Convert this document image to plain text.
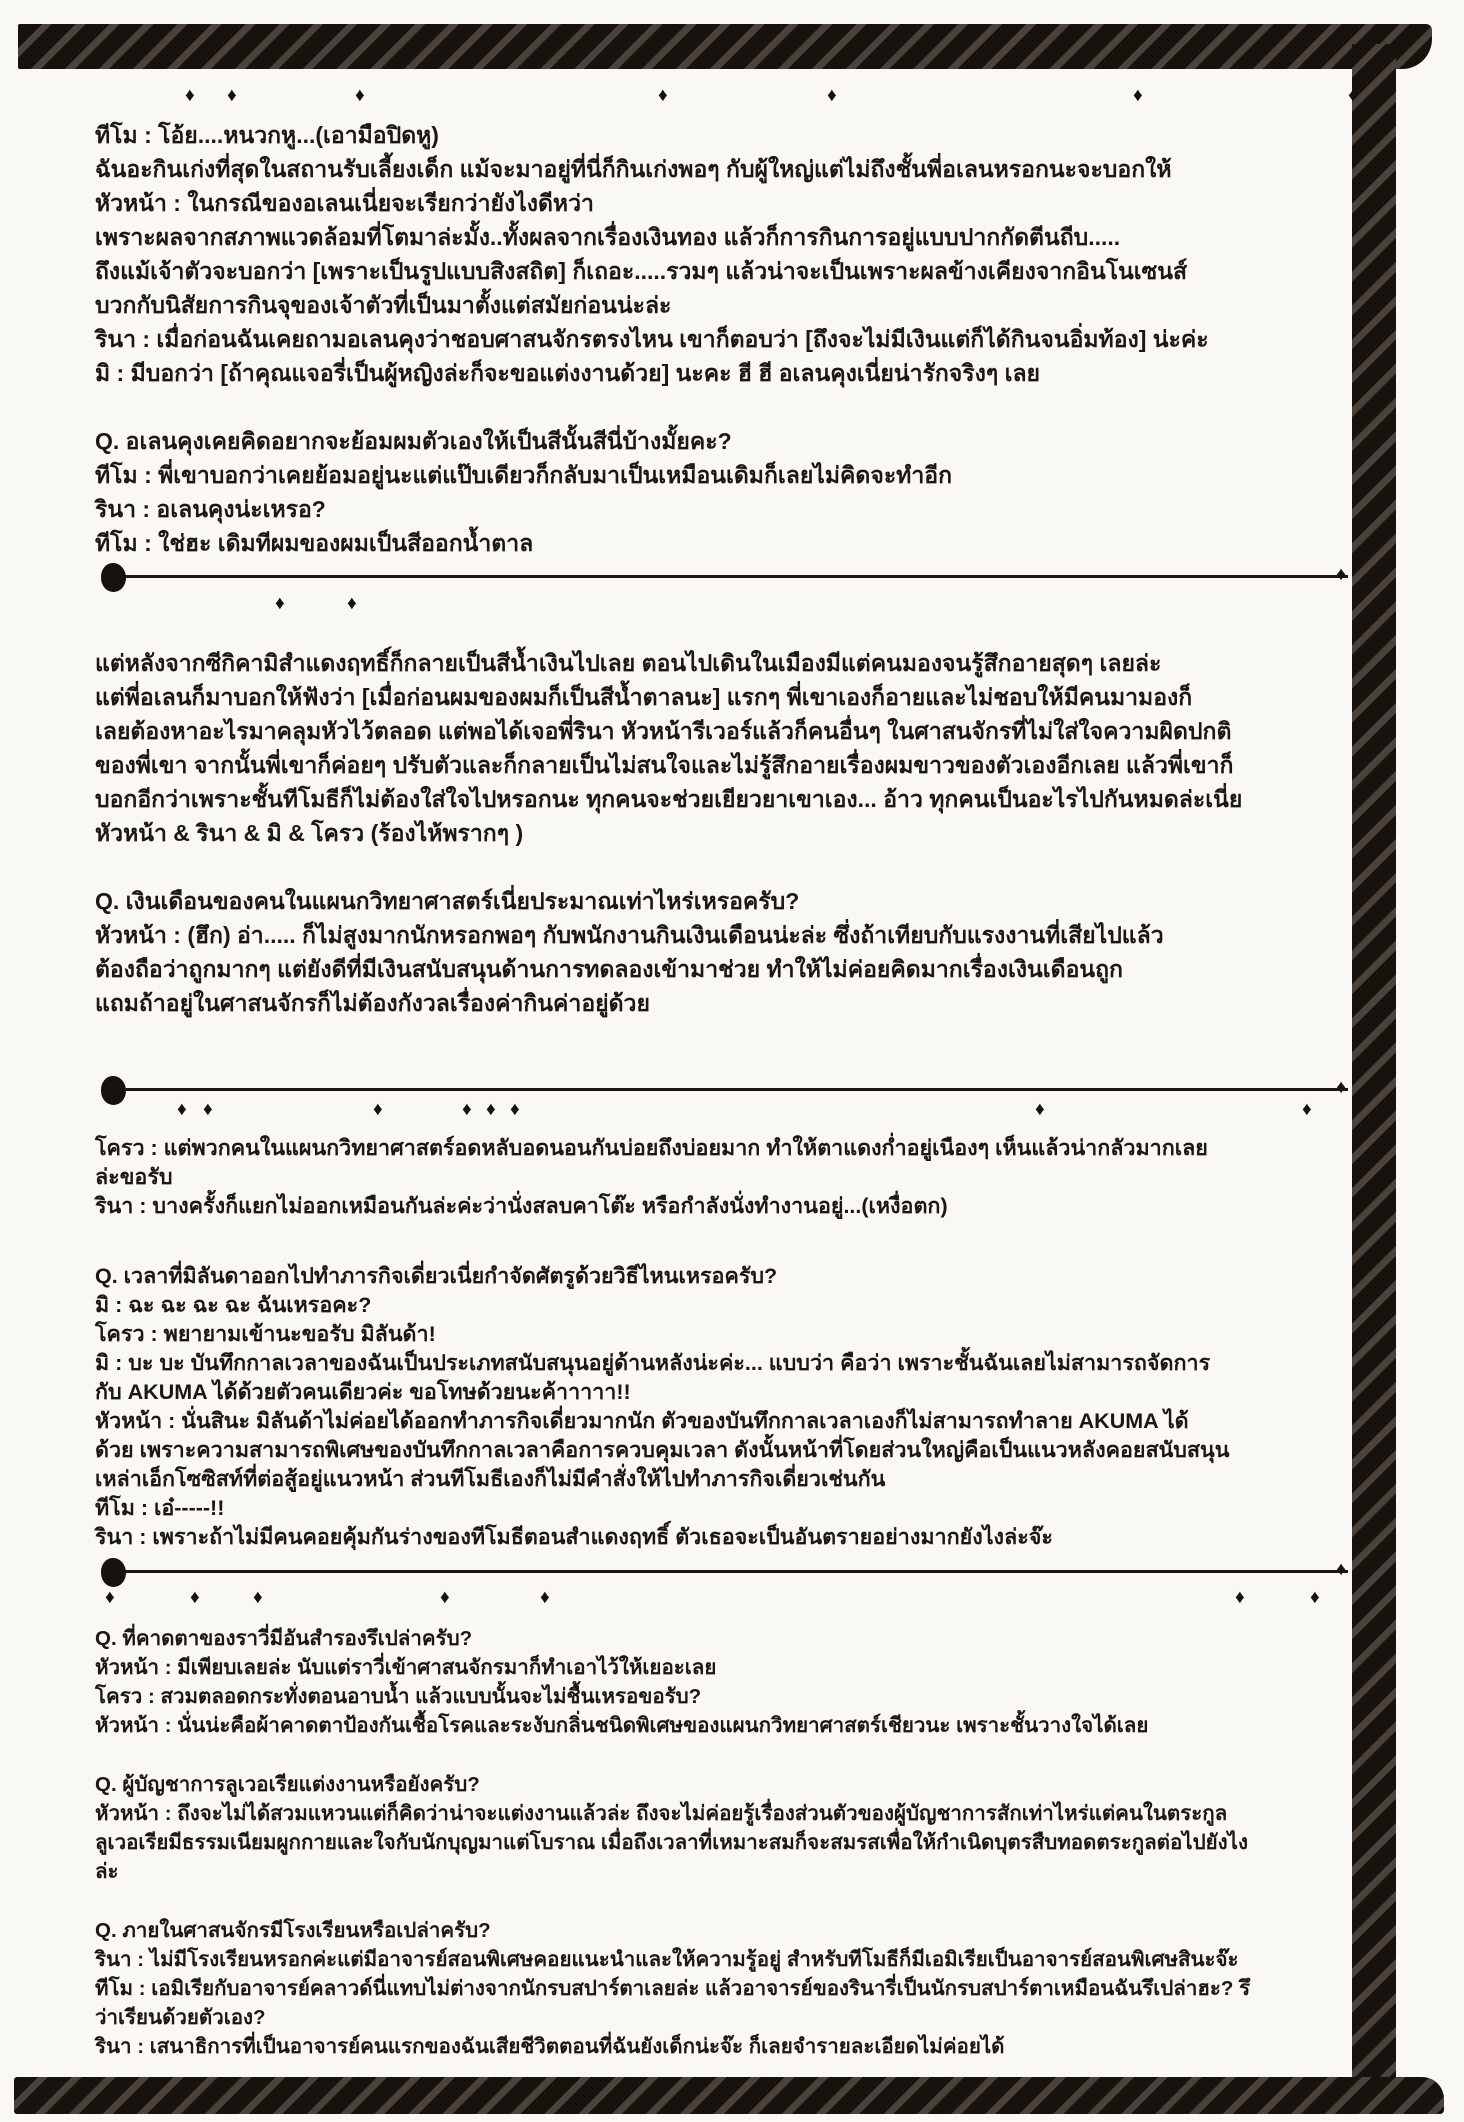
♦ ♦	♦	♦	♦	♦	♦
♦	♦
♦ ♦	♦	♦ ♦ ♦	♦	♦
♦	♦	♦	♦	♦	♦	♦
ทีโม : โอ้ย....หนวกหู...(เอามือปิดหู)
ฉันอะกินเก่งที่สุดในสถานรับเลี้ยงเด็ก แม้จะมาอยู่ที่นี่ก็กินเก่งพอๆ กับผู้ใหญ่แต่ไม่ถึงชั้นพี่อเลนหรอกนะจะบอกให้
หัวหน้า : ในกรณีของอเลนเนี่ยจะเรียกว่ายังไงดีหว่า
เพราะผลจากสภาพแวดล้อมที่โตมาล่ะมั้ง..ทั้งผลจากเรื่องเงินทอง แล้วก็การกินการอยู่แบบปากกัดตีนถีบ.....
ถึงแม้เจ้าตัวจะบอกว่า [เพราะเป็นรูปแบบสิงสถิต] ก็เถอะ.....รวมๆ แล้วน่าจะเป็นเพราะผลข้างเคียงจากอินโนเซนส์
บวกกับนิสัยการกินจุของเจ้าตัวที่เป็นมาตั้งแต่สมัยก่อนน่ะล่ะ
รินา : เมื่อก่อนฉันเคยถามอเลนคุงว่าชอบศาสนจักรตรงไหน เขาก็ตอบว่า [ถึงจะไม่มีเงินแต่ก็ได้กินจนอิ่มท้อง] น่ะค่ะ
มิ : มีบอกว่า [ถ้าคุณแจอรี่เป็นผู้หญิงล่ะก็จะขอแต่งงานด้วย] นะคะ ฮี ฮี อเลนคุงเนี่ยน่ารักจริงๆ เลย
Q. อเลนคุงเคยคิดอยากจะย้อมผมตัวเองให้เป็นสีนั้นสีนี่บ้างมั้ยคะ?
ทีโม : พี่เขาบอกว่าเคยย้อมอยู่นะแต่แป๊บเดียวก็กลับมาเป็นเหมือนเดิมก็เลยไม่คิดจะทำอีก
รินา : อเลนคุงน่ะเหรอ?
ทีโม : ใช่ฮะ เดิมทีผมของผมเป็นสีออกน้ำตาล
♦
แต่หลังจากซีกิคามิสำแดงฤทธิ์ก็กลายเป็นสีน้ำเงินไปเลย ตอนไปเดินในเมืองมีแต่คนมองจนรู้สึกอายสุดๆ เลยล่ะ
แต่พี่อเลนก็มาบอกให้ฟังว่า [เมื่อก่อนผมของผมก็เป็นสีน้ำตาลนะ] แรกๆ พี่เขาเองก็อายและไม่ชอบให้มีคนมามองก็
เลยต้องหาอะไรมาคลุมหัวไว้ตลอด แต่พอได้เจอพี่รินา หัวหน้ารีเวอร์แล้วก็คนอื่นๆ ในศาสนจักรที่ไม่ใส่ใจความผิดปกติ
ของพี่เขา จากนั้นพี่เขาก็ค่อยๆ ปรับตัวและก็กลายเป็นไม่สนใจและไม่รู้สึกอายเรื่องผมขาวของตัวเองอีกเลย แล้วพี่เขาก็
บอกอีกว่าเพราะชั้นทีโมธีก็ไม่ต้องใส่ใจไปหรอกนะ ทุกคนจะช่วยเยียวยาเขาเอง... อ้าว ทุกคนเป็นอะไรไปกันหมดล่ะเนี่ย
หัวหน้า & รินา & มิ & โครว (ร้องไห้พรากๆ )
Q. เงินเดือนของคนในแผนกวิทยาศาสตร์เนี่ยประมาณเท่าไหร่เหรอครับ?
หัวหน้า : (ฮึก) อ่า..... ก็ไม่สูงมากนักหรอกพอๆ กับพนักงานกินเงินเดือนน่ะล่ะ ซึ่งถ้าเทียบกับแรงงานที่เสียไปแล้ว
ต้องถือว่าถูกมากๆ แต่ยังดีที่มีเงินสนับสนุนด้านการทดลองเข้ามาช่วย ทำให้ไม่ค่อยคิดมากเรื่องเงินเดือนถูก
แถมถ้าอยู่ในศาสนจักรก็ไม่ต้องกังวลเรื่องค่ากินค่าอยู่ด้วย
♦
โครว : แต่พวกคนในแผนกวิทยาศาสตร์อดหลับอดนอนกันบ่อยถึงบ่อยมาก ทำให้ตาแดงก่ำอยู่เนืองๆ เห็นแล้วน่ากลัวมากเลย
ล่ะขอรับ
รินา : บางครั้งก็แยกไม่ออกเหมือนกันล่ะค่ะว่านั่งสลบคาโต๊ะ หรือกำลังนั่งทำงานอยู่...(เหงื่อตก)
Q. เวลาที่มิลันดาออกไปทำภารกิจเดี่ยวเนี่ยกำจัดศัตรูด้วยวิธีไหนเหรอครับ?
มิ : ฉะ ฉะ ฉะ ฉะ ฉันเหรอคะ?
โครว : พยายามเข้านะขอรับ มิลันด้า!
มิ : บะ บะ บันทึกกาลเวลาของฉันเป็นประเภทสนับสนุนอยู่ด้านหลังน่ะค่ะ... แบบว่า คือว่า เพราะชั้นฉันเลยไม่สามารถจัดการ
กับ AKUMA ได้ด้วยตัวคนเดียวค่ะ ขอโทษด้วยนะค้าาาาา!!
หัวหน้า : นั่นสินะ มิลันด้าไม่ค่อยได้ออกทำภารกิจเดี่ยวมากนัก ตัวของบันทึกกาลเวลาเองก็ไม่สามารถทำลาย AKUMA ได้
ด้วย เพราะความสามารถพิเศษของบันทึกกาลเวลาคือการควบคุมเวลา ดังนั้นหน้าที่โดยส่วนใหญ่คือเป็นแนวหลังคอยสนับสนุน
เหล่าเอ็กโซซิสท์ที่ต่อสู้อยู่แนวหน้า ส่วนทีโมธีเองก็ไม่มีคำสั่งให้ไปทำภารกิจเดี่ยวเช่นกัน
ทีโม : เอ๋-----!!
รินา : เพราะถ้าไม่มีคนคอยคุ้มกันร่างของทีโมธีตอนสำแดงฤทธิ์ ตัวเธอจะเป็นอันตรายอย่างมากยังไงล่ะจ๊ะ
♦
Q. ที่คาดตาของราวี่มีอันสำรองรึเปล่าครับ?
หัวหน้า : มีเพียบเลยล่ะ นับแต่ราวี่เข้าศาสนจักรมาก็ทำเอาไว้ให้เยอะเลย
โครว : สวมตลอดกระทั่งตอนอาบน้ำ แล้วแบบนั้นจะไม่ชื้นเหรอขอรับ?
หัวหน้า : นั่นน่ะคือผ้าคาดตาป้องกันเชื้อโรคและระงับกลิ่นชนิดพิเศษของแผนกวิทยาศาสตร์เชียวนะ เพราะชั้นวางใจได้เลย
Q. ผู้บัญชาการลูเวอเรียแต่งงานหรือยังครับ?
หัวหน้า : ถึงจะไม่ได้สวมแหวนแต่ก็คิดว่าน่าจะแต่งงานแล้วล่ะ ถึงจะไม่ค่อยรู้เรื่องส่วนตัวของผู้บัญชาการสักเท่าไหร่แต่คนในตระกูล
ลูเวอเรียมีธรรมเนียมผูกกายและใจกับนักบุญมาแต่โบราณ เมื่อถึงเวลาที่เหมาะสมก็จะสมรสเพื่อให้กำเนิดบุตรสืบทอดตระกูลต่อไปยังไง
ล่ะ
Q. ภายในศาสนจักรมีโรงเรียนหรือเปล่าครับ?
รินา : ไม่มีโรงเรียนหรอกค่ะแต่มีอาจารย์สอนพิเศษคอยแนะนำและให้ความรู้อยู่ สำหรับทีโมธีก็มีเอมิเรียเป็นอาจารย์สอนพิเศษสินะจ๊ะ
ทีโม : เอมิเรียกับอาจารย์คลาวด์นี่แทบไม่ต่างจากนักรบสปาร์ตาเลยล่ะ แล้วอาจารย์ของรินารี่เป็นนักรบสปาร์ตาเหมือนฉันรึเปล่าฮะ? รึ
ว่าเรียนด้วยตัวเอง?
รินา : เสนาธิการที่เป็นอาจารย์คนแรกของฉันเสียชีวิตตอนที่ฉันยังเด็กน่ะจ๊ะ ก็เลยจำรายละเอียดไม่ค่อยได้
